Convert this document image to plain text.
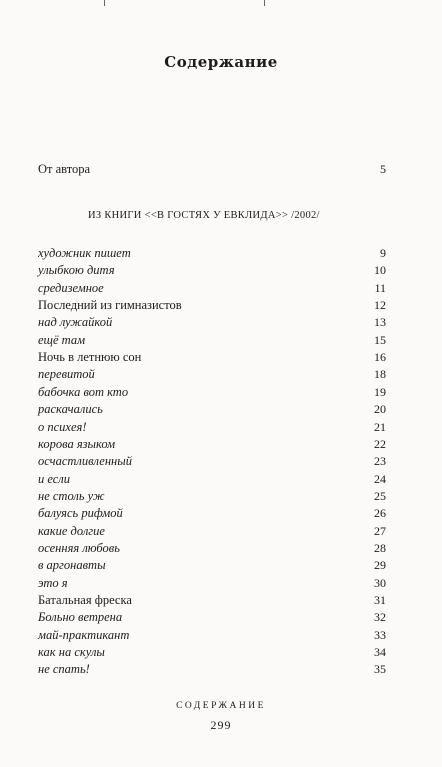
Содержание
От автора	5
ИЗ КНИГИ <<В ГОСТЯХ У ЕВКЛИДА>> /2002/
художник пишет	9
улыбкою дитя	10
средиземное	11
Последний из гимназистов	12
над лужайкой	13
ещё там	15
Ночь в летнюю сон	16
перевитой	18
бабочка вот кто	19
раскачались	20
о психея!	21
корова языком	22
осчастливленный	23
и если	24
не столь уж	25
балуясь рифмой	26
какие долгие	27
осенняя любовь	28
в аргонавты	29
это я	30
Батальная фреска	31
Больно ветрена	32
май-практикант	33
как на скулы	34
не спать!	35
СОДЕРЖАНИЕ
299
